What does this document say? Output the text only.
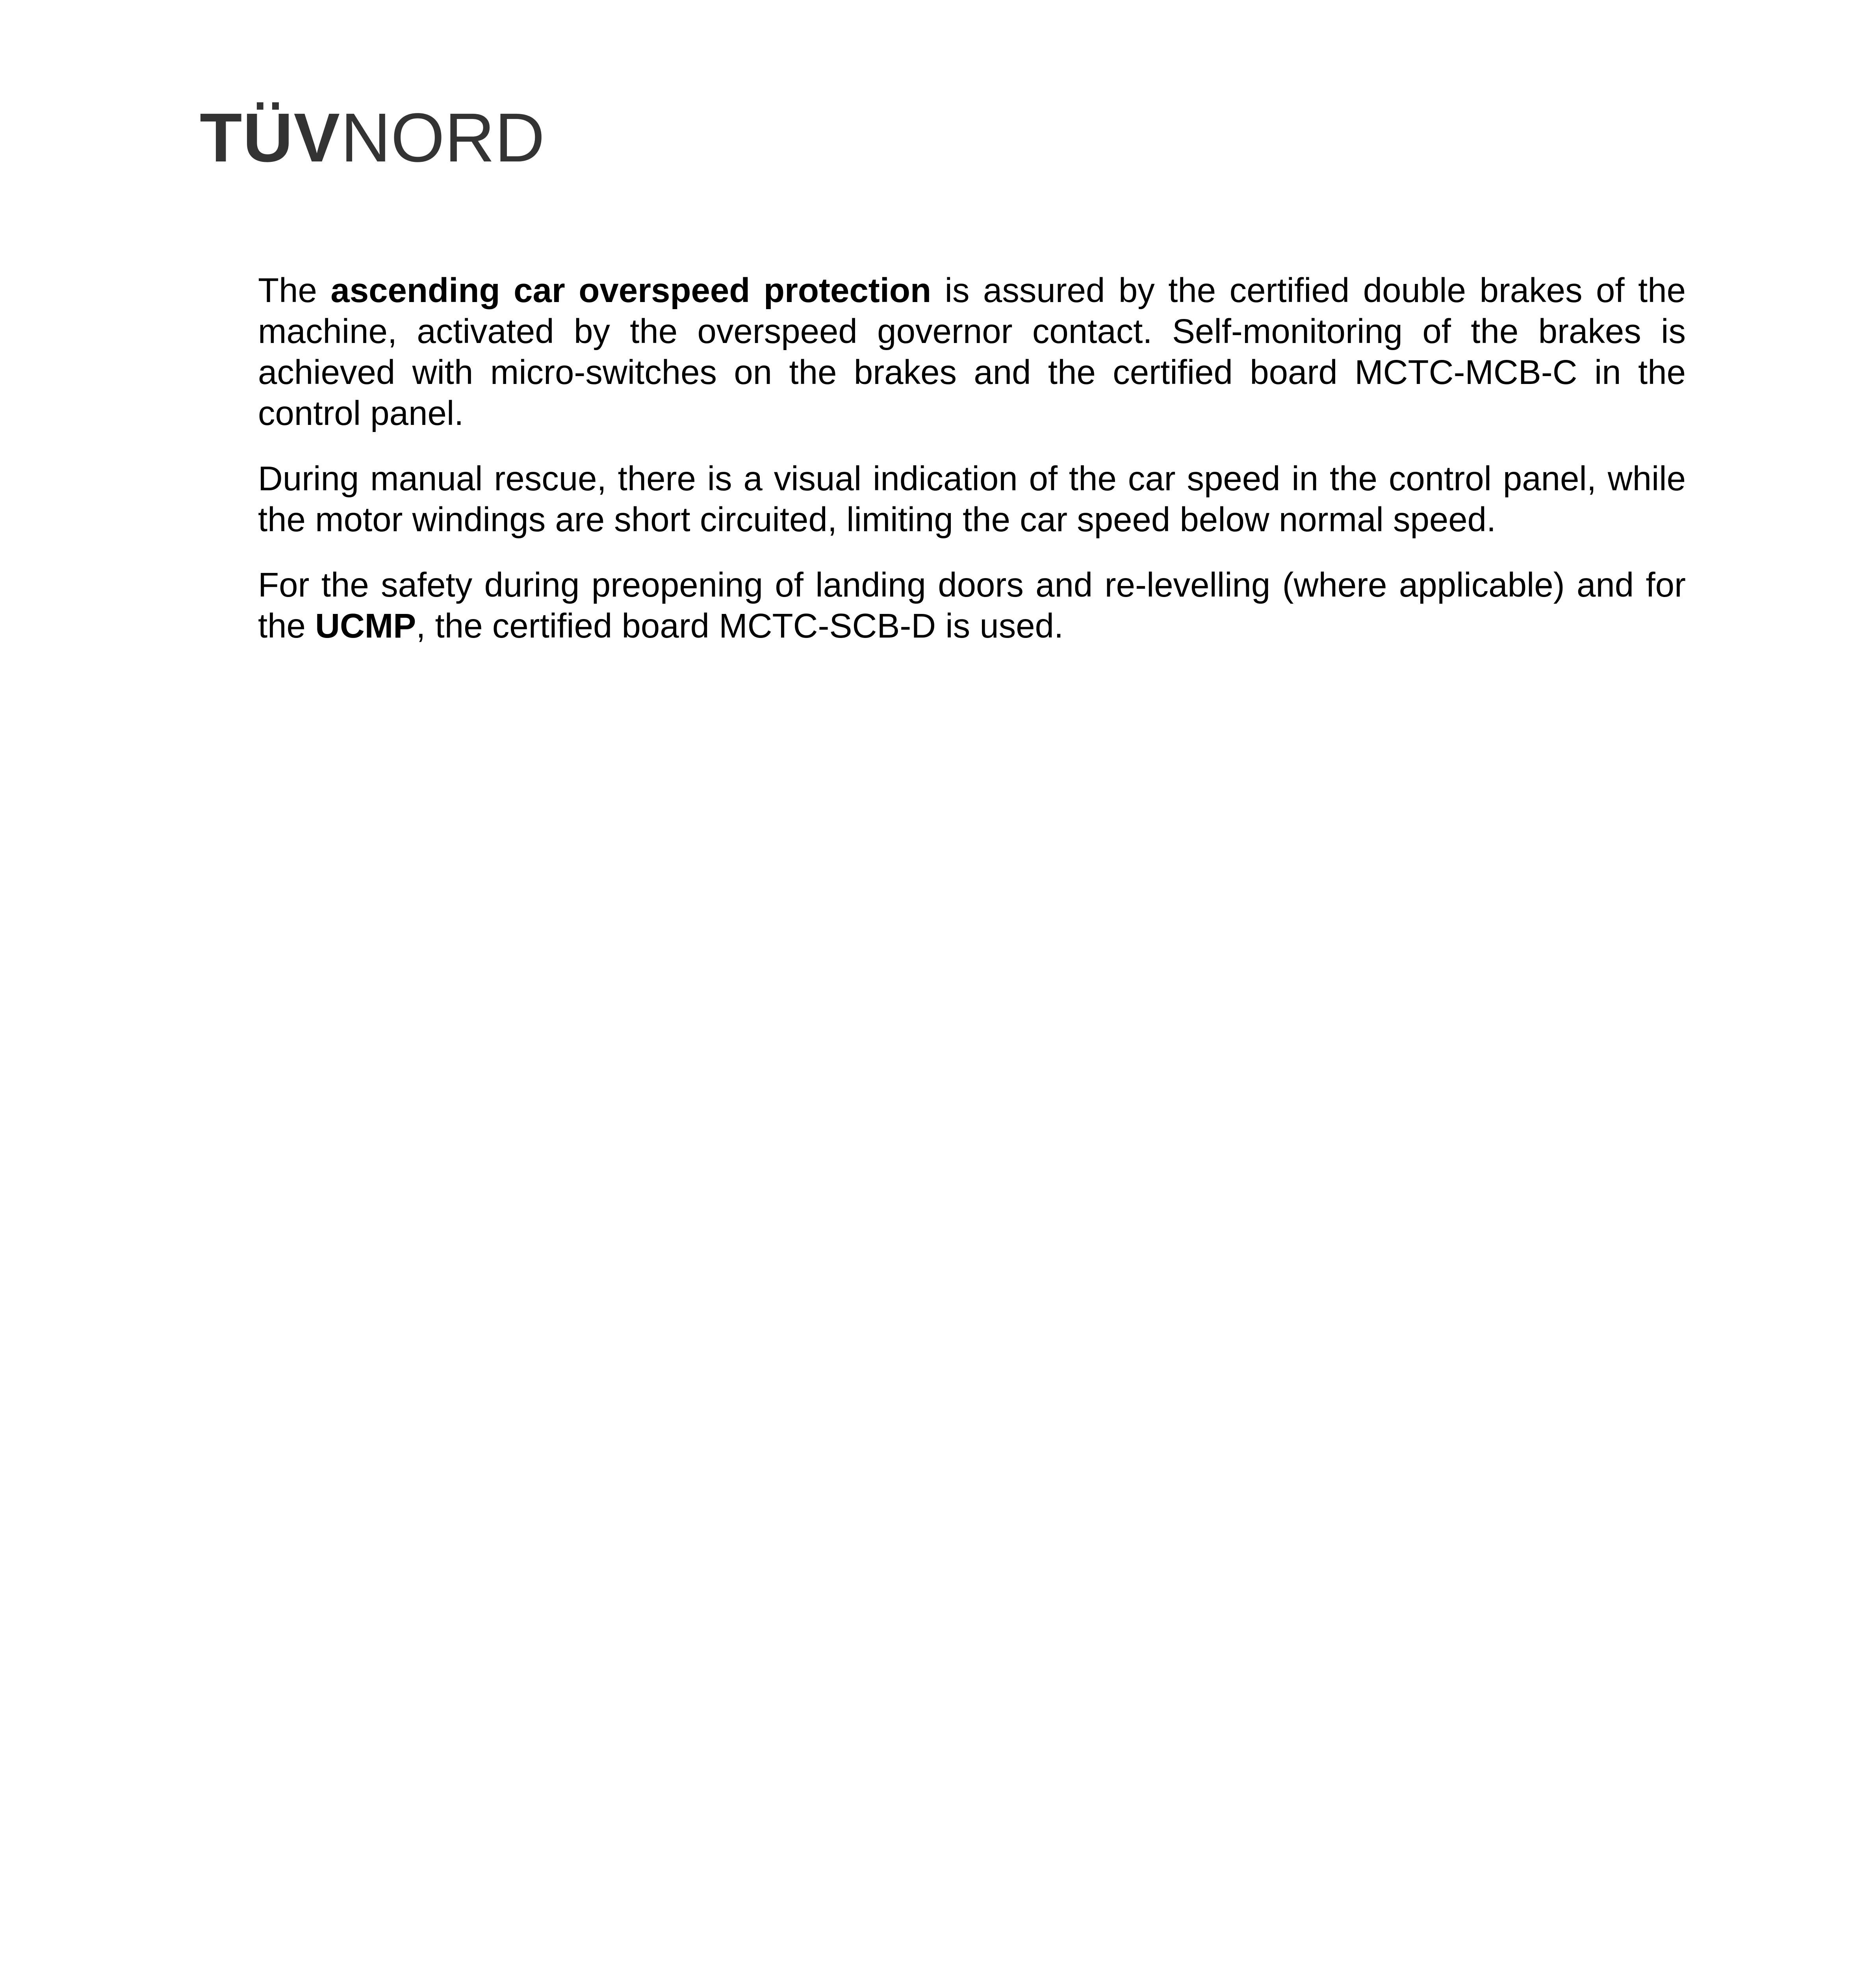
TÜVNORD

The ascending car overspeed protection is assured by the certified double brakes of the machine, activated by the overspeed governor contact. Self-monitoring of the brakes is achieved with micro-switches on the brakes and the certified board MCTC-MCB-C in the control panel.

During manual rescue, there is a visual indication of the car speed in the control panel, while the motor windings are short circuited, limiting the car speed below normal speed.

For the safety during preopening of landing doors and re-levelling (where applicable) and for the UCMP, the certified board MCTC-SCB-D is used.
